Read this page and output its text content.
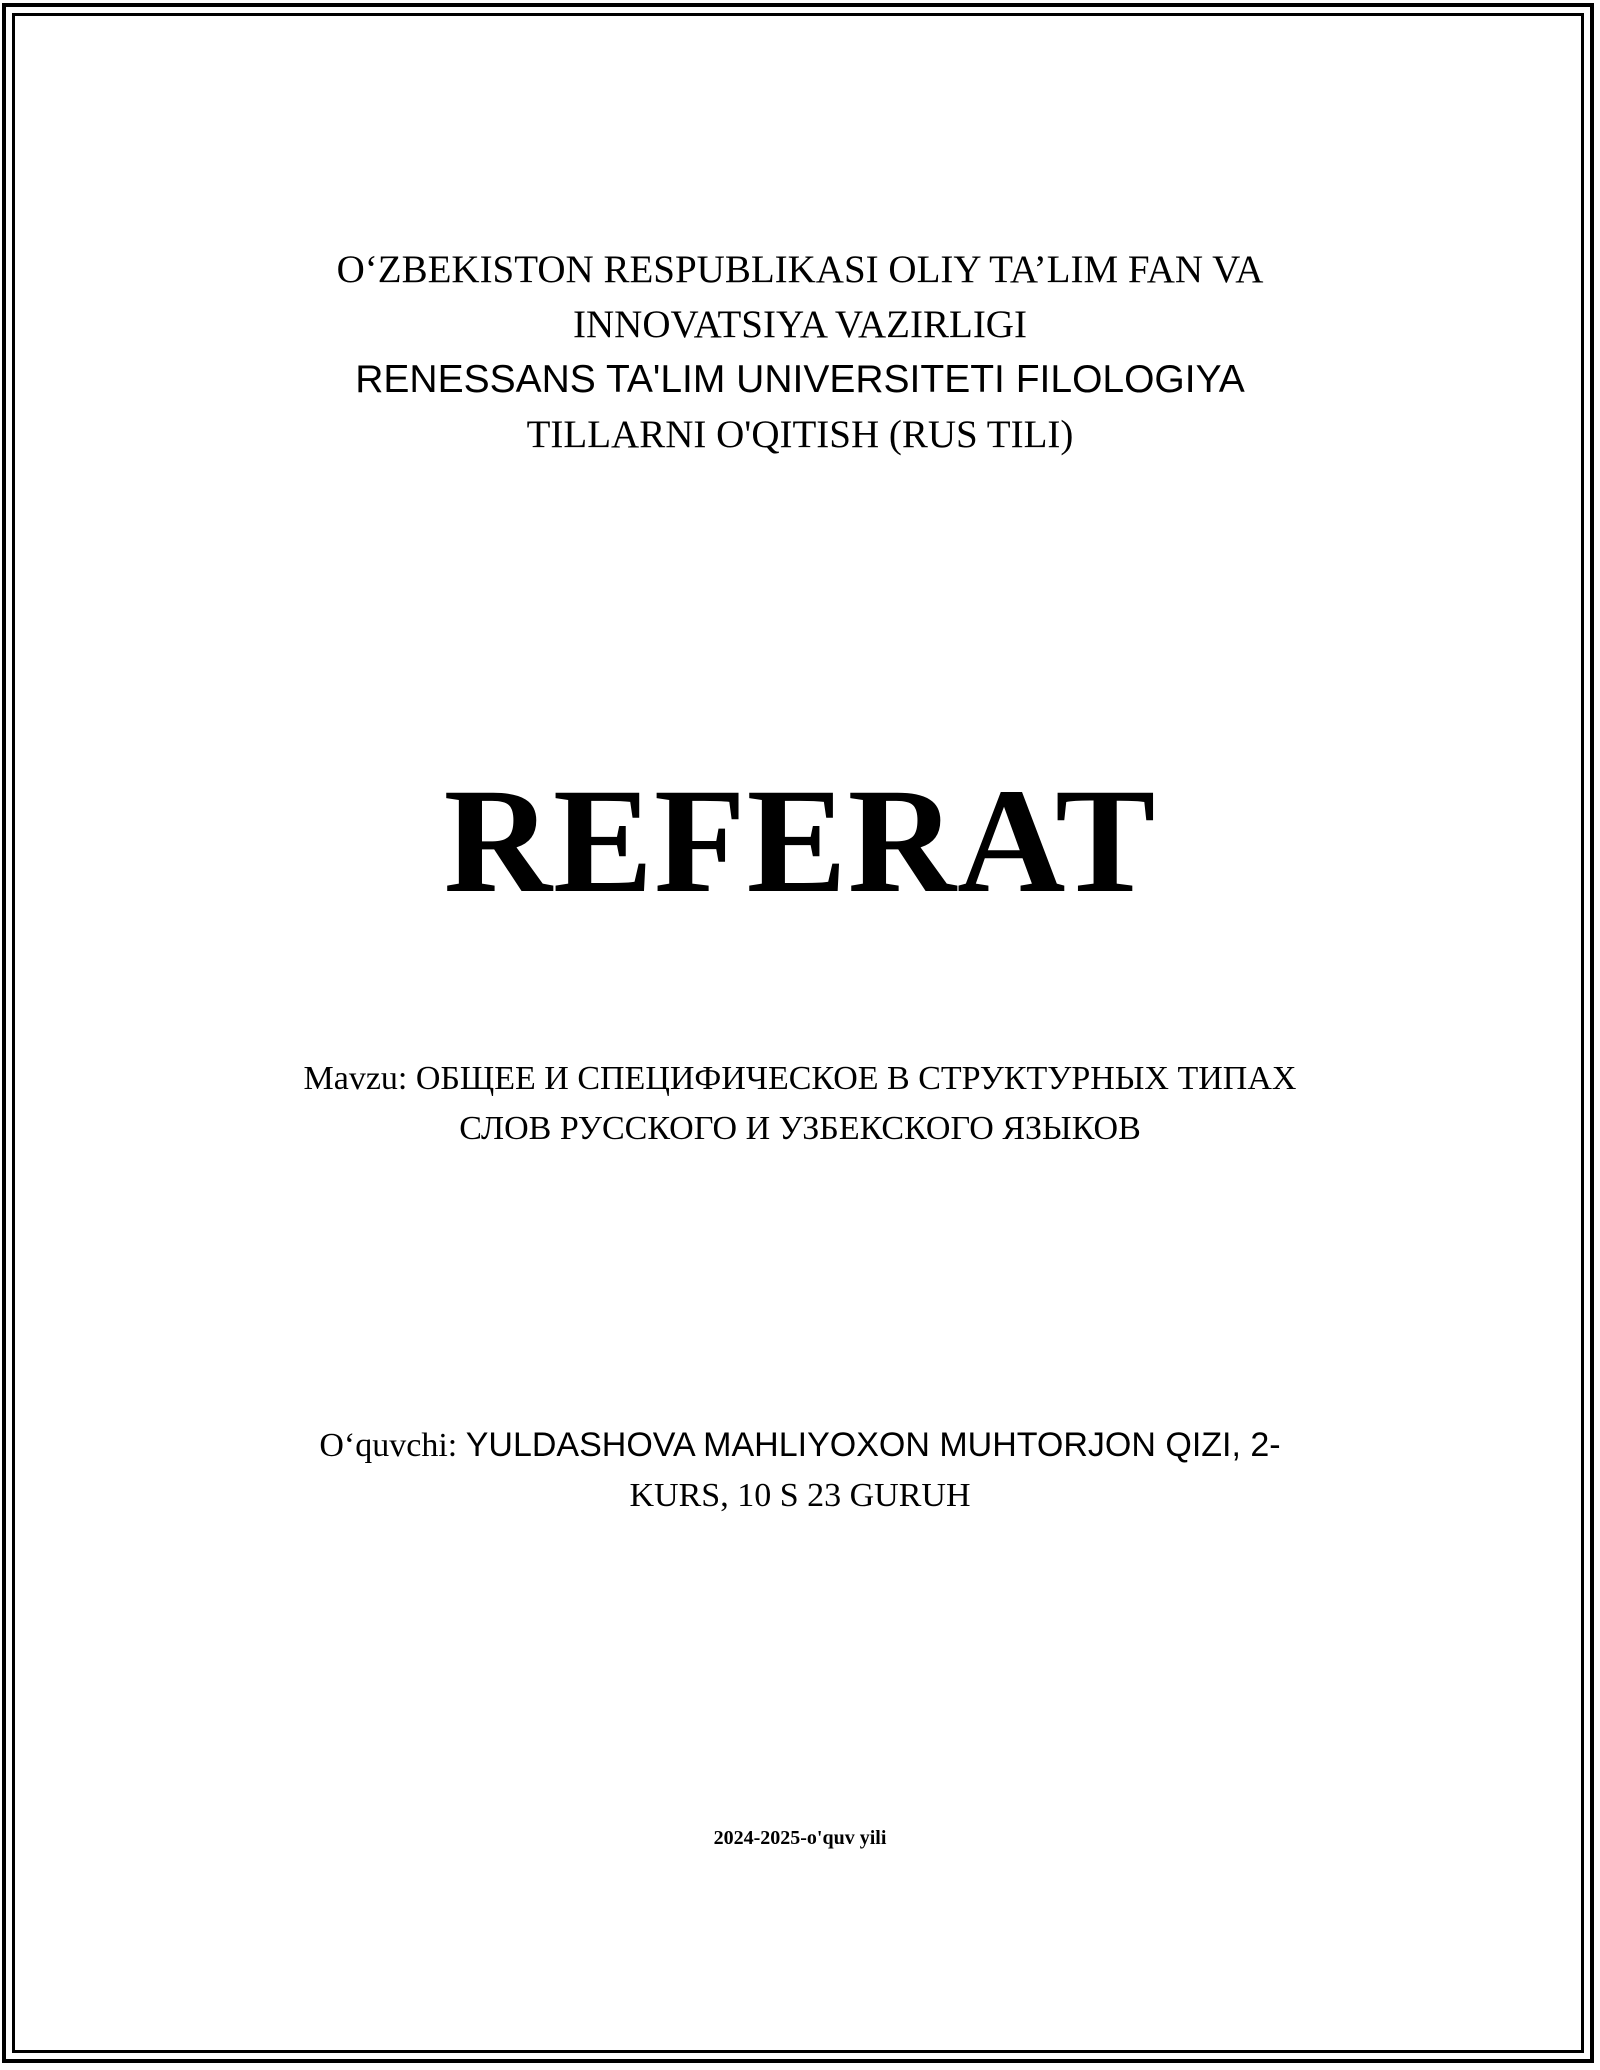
O‘ZBEKISTON RESPUBLIKASI OLIY TA’LIM FAN VA
INNOVATSIYA VAZIRLIGI
RENESSANS TA'LIM UNIVERSITETI FILOLOGIYA
TILLARNI O'QITISH (RUS TILI)
REFERAT
Mavzu: ОБЩЕЕ И СПЕЦИФИЧЕСКОЕ В СТРУКТУРНЫХ ТИПАХ
СЛОВ РУССКОГО И УЗБЕКСКОГО ЯЗЫКОВ
O‘quvchi: YULDASHOVA MAHLIYOXON MUHTORJON QIZI, 2-
KURS, 10 S 23 GURUH
2024-2025-o'quv yili
